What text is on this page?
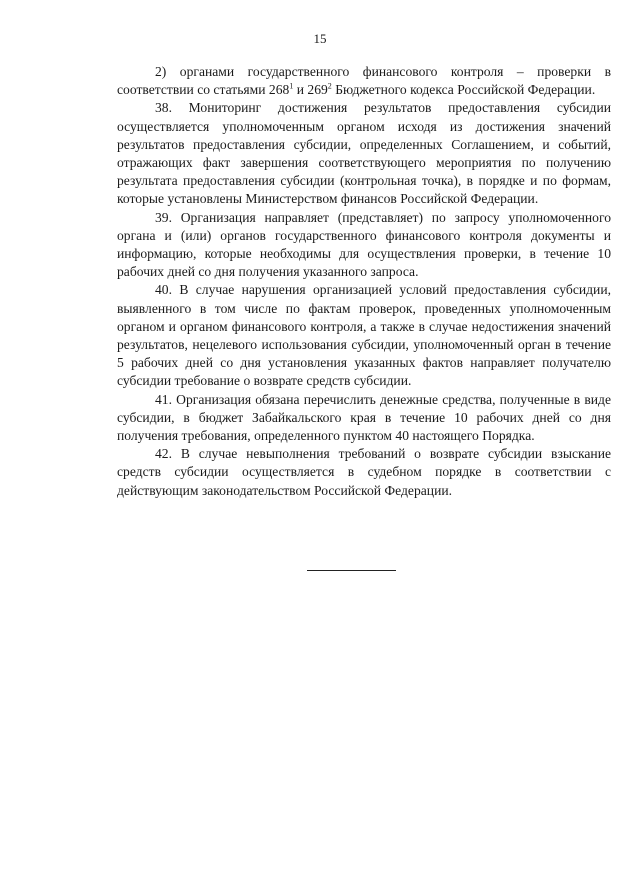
15

2) органами государственного финансового контроля – проверки в соответствии со статьями $268^1$ и $269^2$ Бюджетного кодекса Российской Федерации.

38. Мониторинг достижения результатов предоставления субсидии осуществляется уполномоченным органом исходя из достижения значений результатов предоставления субсидии, определенных Соглашением, и событий, отражающих факт завершения соответствующего мероприятия по получению результата предоставления субсидии (контрольная точка), в порядке и по формам, которые установлены Министерством финансов Российской Федерации.

39. Организация направляет (представляет) по запросу уполномоченного органа и (или) органов государственного финансового контроля документы и информацию, которые необходимы для осуществления проверки, в течение 10 рабочих дней со дня получения указанного запроса.

40. В случае нарушения организацией условий предоставления субсидии, выявленного в том числе по фактам проверок, проведенных уполномоченным органом и органом финансового контроля, а также в случае недостижения значений результатов, нецелевого использования субсидии, уполномоченный орган в течение 5 рабочих дней со дня установления указанных фактов направляет получателю субсидии требование о возврате средств субсидии.

41. Организация обязана перечислить денежные средства, полученные в виде субсидии, в бюджет Забайкальского края в течение 10 рабочих дней со дня получения требования, определенного пунктом 40 настоящего Порядка.

42. В случае невыполнения требований о возврате субсидии взыскание средств субсидии осуществляется в судебном порядке в соответствии с действующим законодательством Российской Федерации.
